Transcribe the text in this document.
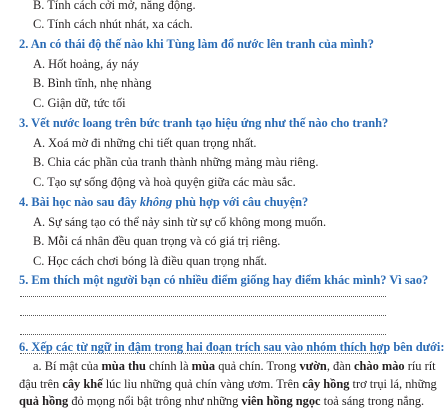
B. Tính cách cởi mở, năng động.
C. Tính cách nhút nhát, xa cách.
2. An có thái độ thế nào khi Tùng làm đổ nước lên tranh của mình?
A. Hốt hoảng, áy náy
B. Bình tĩnh, nhẹ nhàng
C. Giận dữ, tức tối
3. Vết nước loang trên bức tranh tạo hiệu ứng như thế nào cho tranh?
A. Xoá mờ đi những chi tiết quan trọng nhất.
B. Chia các phần của tranh thành những mảng màu riêng.
C. Tạo sự sống động và hoà quyện giữa các màu sắc.
4. Bài học nào sau đây không phù hợp với câu chuyện?
A. Sự sáng tạo có thể nảy sinh từ sự cố không mong muốn.
B. Mỗi cá nhân đều quan trọng và có giá trị riêng.
C. Học cách chơi bóng là điều quan trọng nhất.
5. Em thích một người bạn có nhiều điểm giống hay điểm khác mình? Vì sao?
6. Xếp các từ ngữ in đậm trong hai đoạn trích sau vào nhóm thích hợp bên dưới:
a. Bí mật của mùa thu chính là mùa quả chín. Trong vườn, đàn chào mào ríu rít
đậu trên cây khế lúc lỉu những quả chín vàng ươm. Trên cây hồng trơ trụi lá, những
quả hồng đỏ mọng nổi bật trông như những viên hồng ngọc toả sáng trong nắng.
